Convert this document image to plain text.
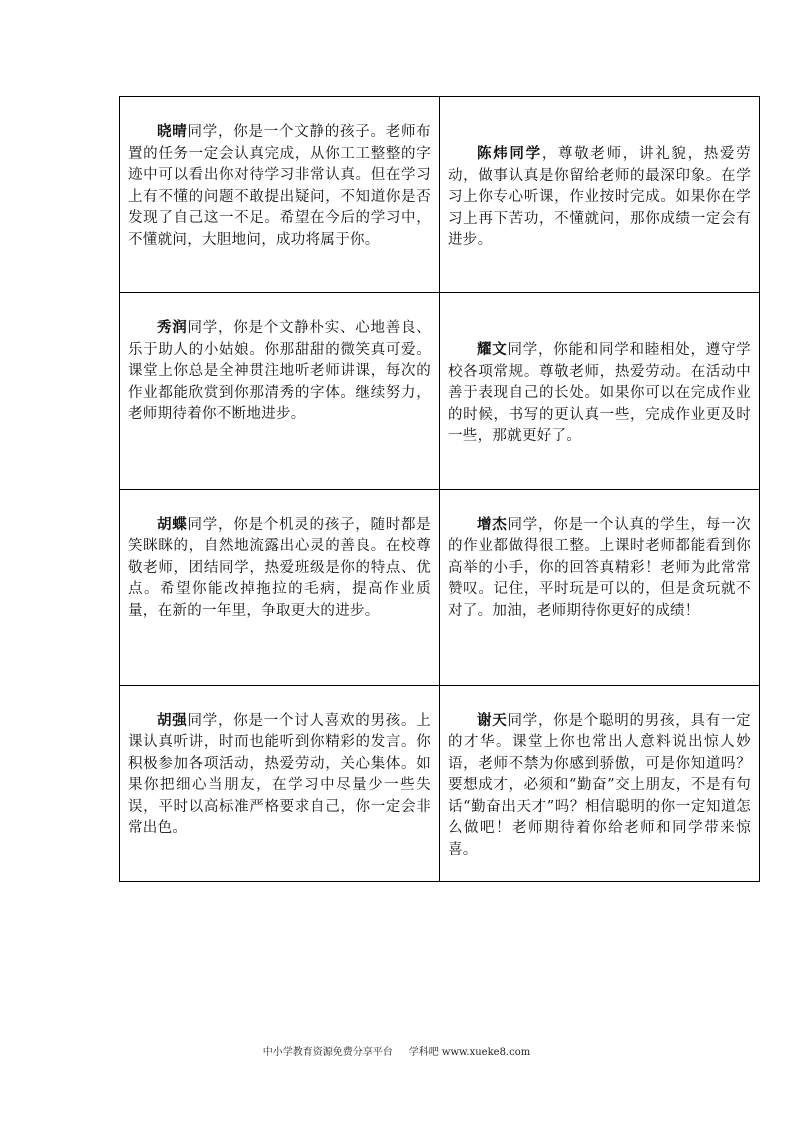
晓晴同学，你是一个文静的孩子。老师布置的任务一定会认真完成，从你工工整整的字迹中可以看出你对待学习非常认真。但在学习上有不懂的问题不敢提出疑问，不知道你是否发现了自己这一不足。希望在今后的学习中，不懂就问，大胆地问，成功将属于你。	陈炜同学，尊敬老师，讲礼貌，热爱劳动，做事认真是你留给老师的最深印象。在学习上你专心听课，作业按时完成。如果你在学习上再下苦功，不懂就问，那你成绩一定会有进步。

秀润同学，你是个文静朴实、心地善良、乐于助人的小姑娘。你那甜甜的微笑真可爱。课堂上你总是全神贯注地听老师讲课，每次的作业都能欣赏到你那清秀的字体。继续努力，老师期待着你不断地进步。	耀文同学，你能和同学和睦相处，遵守学校各项常规。尊敬老师，热爱劳动。在活动中善于表现自己的长处。如果你可以在完成作业的时候，书写的更认真一些，完成作业更及时一些，那就更好了。

胡蝶同学，你是个机灵的孩子，随时都是笑眯眯的，自然地流露出心灵的善良。在校尊敬老师，团结同学，热爱班级是你的特点、优点。希望你能改掉拖拉的毛病，提高作业质量，在新的一年里，争取更大的进步。	增杰同学，你是一个认真的学生，每一次的作业都做得很工整。上课时老师都能看到你高举的小手，你的回答真精彩！老师为此常常赞叹。记住，平时玩是可以的，但是贪玩就不对了。加油，老师期待你更好的成绩！

胡强同学，你是一个讨人喜欢的男孩。上课认真听讲，时而也能听到你精彩的发言。你积极参加各项活动，热爱劳动，关心集体。如果你把细心当朋友，在学习中尽量少一些失误，平时以高标准严格要求自己，你一定会非常出色。	谢天同学，你是个聪明的男孩，具有一定的才华。课堂上你也常出人意料说出惊人妙语，老师不禁为你感到骄傲，可是你知道吗？要想成才，必须和“勤奋”交上朋友，不是有句话“勤奋出天才”吗？相信聪明的你一定知道怎么做吧！老师期待着你给老师和同学带来惊喜。
中小学教育资源免费分享平台 学科吧 www.xueke8.com
